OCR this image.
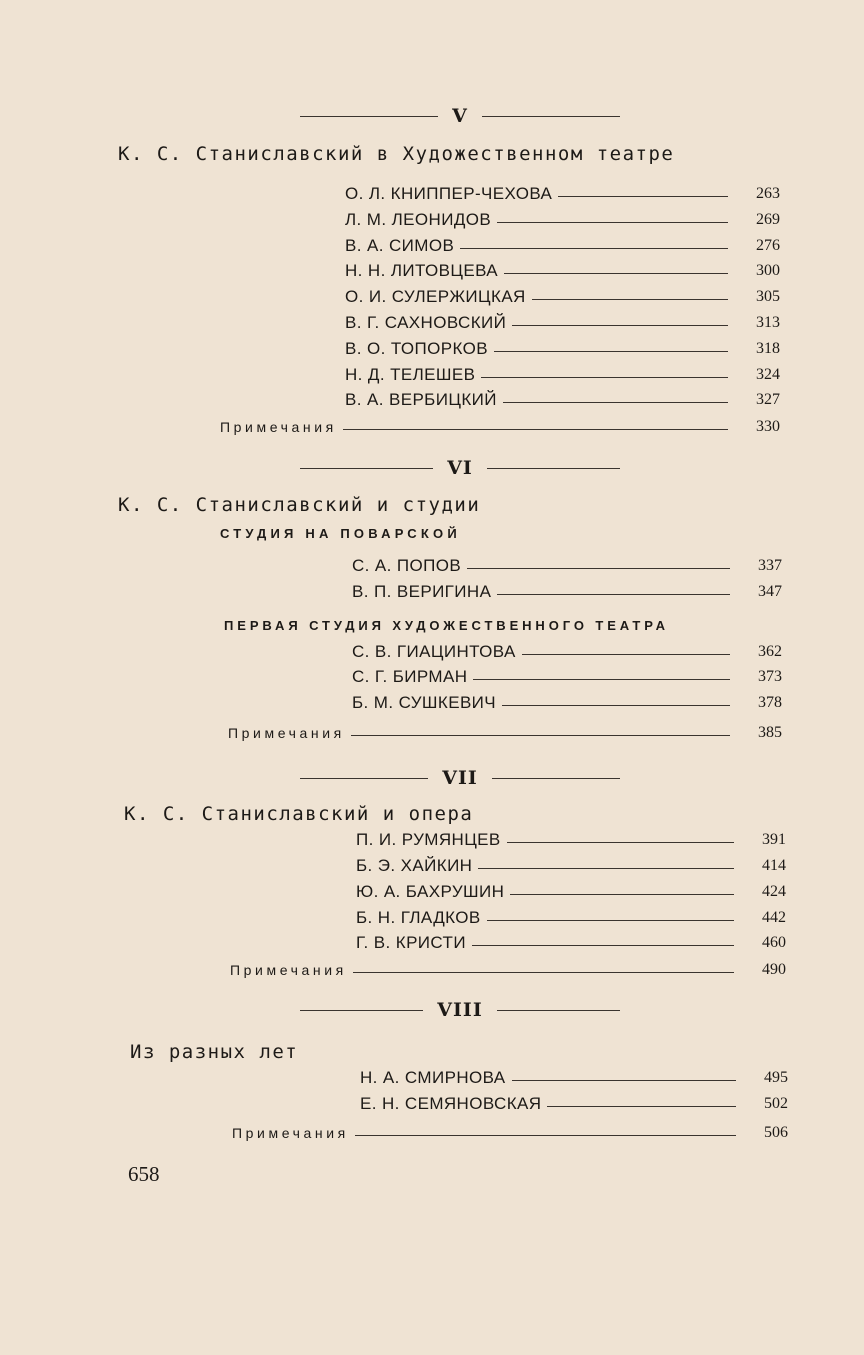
V
К. С. Станиславский в Художественном театре
О. Л. КНИППЕР-ЧЕХОВА	263
Л. М. ЛЕОНИДОВ	269
В. А. СИМОВ	276
Н. Н. ЛИТОВЦЕВА	300
О. И. СУЛЕРЖИЦКАЯ	305
В. Г. САХНОВСКИЙ	313
В. О. ТОПОРКОВ	318
Н. Д. ТЕЛЕШЕВ	324
В. А. ВЕРБИЦКИЙ	327
Примечания	330
VI
К. С. Станиславский и студии
СТУДИЯ НА ПОВАРСКОЙ
С. А. ПОПОВ	337
В. П. ВЕРИГИНА	347
ПЕРВАЯ СТУДИЯ ХУДОЖЕСТВЕННОГО ТЕАТРА
С. В. ГИАЦИНТОВА	362
С. Г. БИРМАН	373
Б. М. СУШКЕВИЧ	378
Примечания	385
VII
К. С. Станиславский и опера
П. И. РУМЯНЦЕВ	391
Б. Э. ХАЙКИН	414
Ю. А. БАХРУШИН	424
Б. Н. ГЛАДКОВ	442
Г. В. КРИСТИ	460
Примечания	490
VIII
Из разных лет
Н. А. СМИРНОВА	495
Е. Н. СЕМЯНОВСКАЯ	502
Примечания	506
658
